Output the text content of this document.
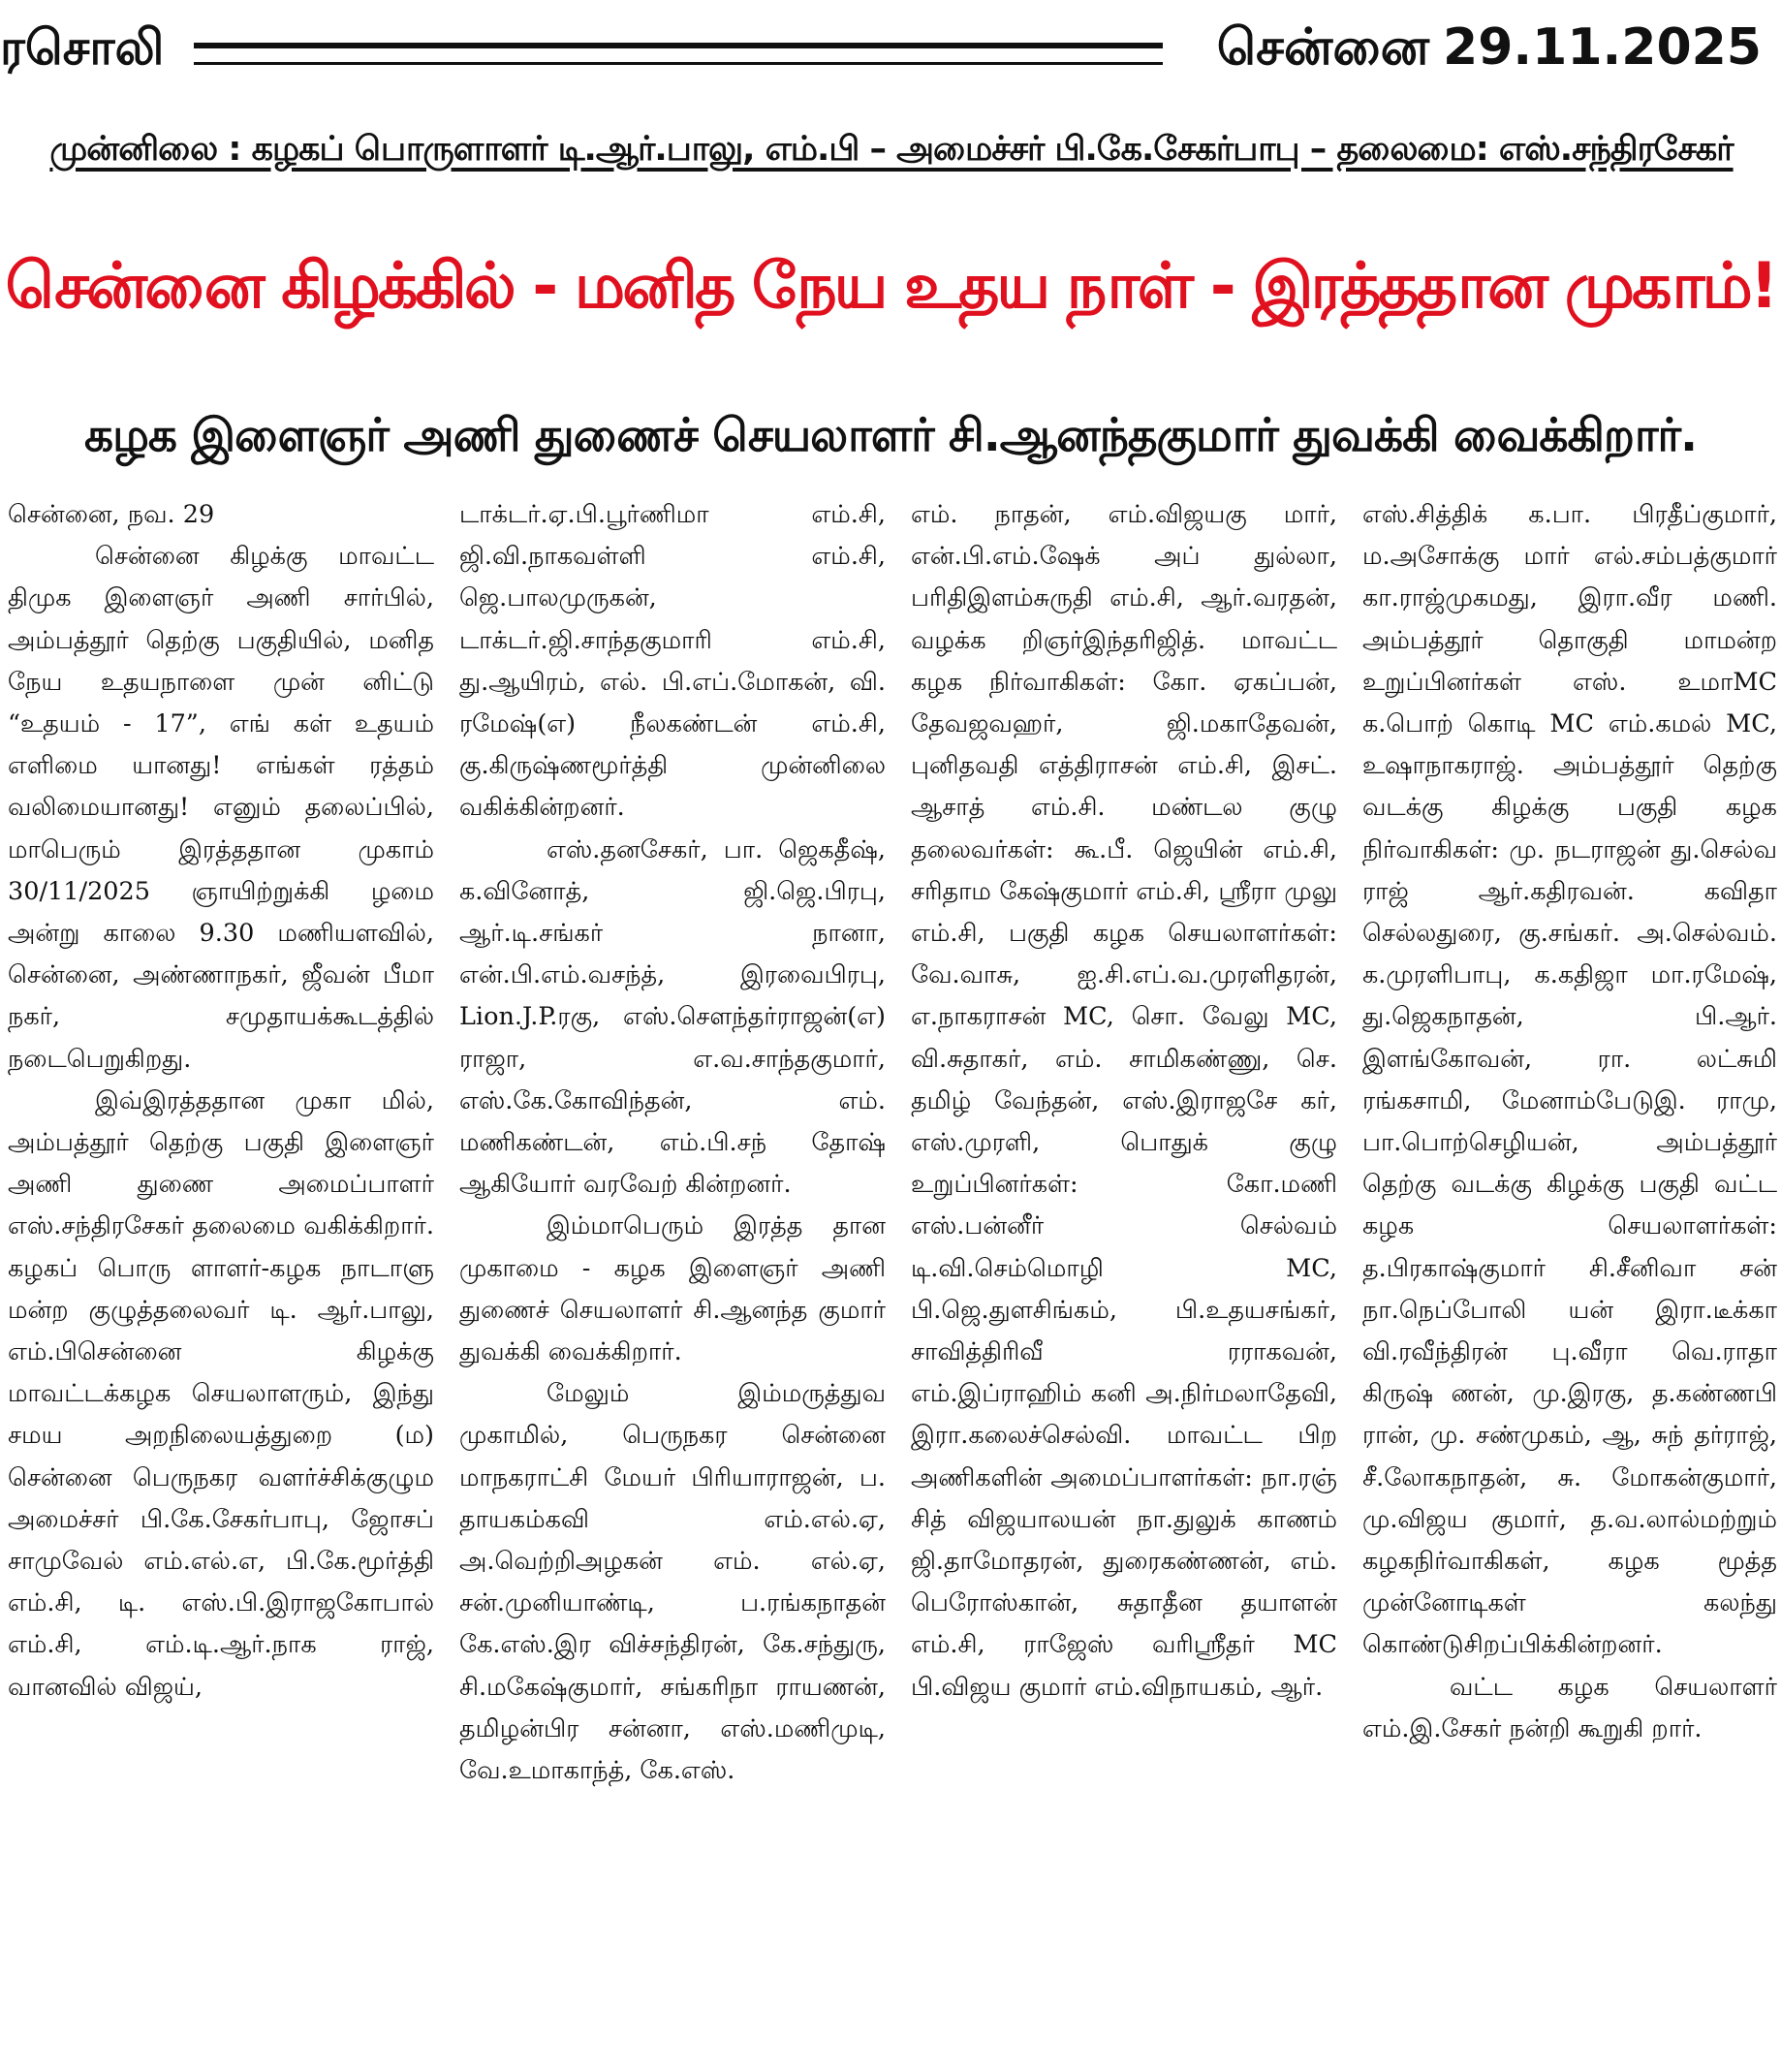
ரசொலி	சென்னை 29.11.2025
முன்னிலை : கழகப் பொருளாளர் டி.ஆர்.பாலு, எம்.பி – அமைச்சர் பி.கே.சேகர்பாபு – தலைமை: எஸ்.சந்திரசேகர்
சென்னை கிழக்கில் - மனித நேய உதய நாள் - இரத்ததான முகாம்!
கழக இளைஞர் அணி துணைச் செயலாளர் சி.ஆனந்தகுமார் துவக்கி வைக்கிறார்.

சென்னை, நவ. 29

சென்னை கிழக்கு மாவட்ட திமுக இளைஞர் அணி சார்பில், அம்பத்தூர் தெற்கு பகுதியில், மனித நேய உதயநாளை முன் னிட்டு “உதயம் - 17”, எங் கள் உதயம் எளிமை யானது! எங்கள் ரத்தம் வலிமையானது! எனும் தலைப்பில், மாபெரும் இரத்ததான முகாம் 30/11/2025 ஞாயிற்றுக்கி ழமை அன்று காலை 9.30 மணியளவில், சென்னை, அண்ணாநகர், ஜீவன் பீமா நகர், சமுதாயக்கூடத்தில் நடைபெறுகிறது.

இவ்இரத்ததான முகா மில், அம்பத்தூர் தெற்கு பகுதி இளைஞர் அணி துணை அமைப்பாளர் எஸ்.சந்திரசேகர் தலைமை வகிக்கிறார். கழகப் பொரு ளாளர்-கழக நாடாளு மன்ற குழுத்தலைவர் டி. ஆர்.பாலு, எம்.பிசென்னை கிழக்கு மாவட்டக்கழக செயலாளரும், இந்து சமய அறநிலையத்துறை (ம) சென்னை பெருநகர வளர்ச்சிக்குழும அமைச்சர் பி.கே.சேகர்பாபு, ஜோசப் சாமுவேல் எம்.எல்.எ, பி.கே.மூர்த்தி எம்.சி, டி. எஸ்.பி.இராஜகோபால் எம்.சி, எம்.டி.ஆர்.நாக ராஜ், வானவில் விஜய்,

டாக்டர்.ஏ.பி.பூர்ணிமா எம்.சி, ஜி.வி.நாகவள்ளி எம்.சி, ஜெ.பாலமுருகன், டாக்டர்.ஜி.சாந்தகுமாரி எம்.சி, து.ஆயிரம், எல். பி.எப்.மோகன், வி. ரமேஷ்(எ) நீலகண்டன் எம்.சி, கு.கிருஷ்ணமூர்த்தி முன்னிலை வகிக்கின்றனர்.

எஸ்.தனசேகர், பா. ஜெகதீஷ், க.வினோத், ஜி.ஜெ.பிரபு, ஆர்.டி.சங்கர் நானா, என்.பி.எம்.வசந்த், இரவைபிரபு, Lion.J.P.ரகு, எஸ்.சௌந்தர்ராஜன்(எ) ராஜா, எ.வ.சாந்தகுமார், எஸ்.கே.கோவிந்தன், எம். மணிகண்டன், எம்.பி.சந் தோஷ் ஆகியோர் வரவேற் கின்றனர்.

இம்மாபெரும் இரத்த தான முகாமை - கழக இளைஞர் அணி துணைச் செயலாளர் சி.ஆனந்த குமார் துவக்கி வைக்கிறார்.

மேலும் இம்மருத்துவ முகாமில், பெருநகர சென்னை மாநகராட்சி மேயர் பிரியாராஜன், ப. தாயகம்கவி எம்.எல்.ஏ, அ.வெற்றிஅழகன் எம். எல்.ஏ, சன்.முனியாண்டி, ப.ரங்கநாதன் கே.எஸ்.இர விச்சந்திரன், கே.சந்துரு, சி.மகேஷ்குமார், சங்கரிநா ராயணன், தமிழன்பிர சன்னா, எஸ்.மணிமுடி, வே.உமாகாந்த், கே.எஸ்.

எம். நாதன், எம்.விஜயகு மார், என்.பி.எம்.ஷேக் அப் துல்லா, பரிதிஇளம்சுருதி எம்.சி, ஆர்.வரதன், வழக்க றிஞர்இந்தரிஜித். மாவட்ட கழக நிர்வாகிகள்: கோ. ஏகப்பன், தேவஜவஹர், ஜி.மகாதேவன், புனிதவதி எத்திராசன் எம்.சி, இசட். ஆசாத் எம்.சி. மண்டல குழு தலைவர்கள்: கூ.பீ. ஜெயின் எம்.சி, சரிதாம கேஷ்குமார் எம்.சி, ஸ்ரீரா முலு எம்.சி, பகுதி கழக செயலாளர்கள்: வே.வாசு, ஐ.சி.எப்.வ.முரளிதரன், எ.நாகராசன் MC, சொ. வேலு MC, வி.சுதாகர், எம். சாமிகண்ணு, செ. தமிழ் வேந்தன், எஸ்.இராஜசே கர், எஸ்.முரளி, பொதுக் குழு உறுப்பினர்கள்: கோ.மணி எஸ்.பன்னீர் செல்வம் டி.வி.செம்மொழி MC, பி.ஜெ.துளசிங்கம், பி.உதயசங்கர், சாவித்திரிவீ ரராகவன், எம்.இப்ராஹிம் கனி அ.நிர்மலாதேவி, இரா.கலைச்செல்வி. மாவட்ட பிற அணிகளின் அமைப்பாளர்கள்: நா.ரஞ் சித் விஜயாலயன் நா.துலுக் காணம் ஜி.தாமோதரன், துரைகண்ணன், எம். பெரோஸ்கான், சுதாதீன தயாளன் எம்.சி, ராஜேஸ் வரிஸ்ரீதர் MC பி.விஜய குமார் எம்.விநாயகம், ஆர்.

எஸ்.சித்திக் க.பா. பிரதீப்குமார், ம.அசோக்கு மார் எல்.சம்பத்குமார் கா.ராஜ்முகமது, இரா.வீர மணி. அம்பத்தூர் தொகுதி மாமன்ற உறுப்பினர்கள் எஸ். உமாMC க.பொற் கொடி MC எம்.கமல் MC, உஷாநாகராஜ். அம்பத்தூர் தெற்கு வடக்கு கிழக்கு பகுதி கழக நிர்வாகிகள்: மு. நடராஜன் து.செல்வ ராஜ் ஆர்.கதிரவன். கவிதா செல்லதுரை, கு.சங்கர். அ.செல்வம். க.முரளிபாபு, க.கதிஜா மா.ரமேஷ், து.ஜெகநாதன், பி.ஆர். இளங்கோவன், ரா. லட்சுமி ரங்கசாமி, மேனாம்பேடுஇ. ராமு, பா.பொற்செழியன், அம்பத்தூர் தெற்கு வடக்கு கிழக்கு பகுதி வட்ட கழக செயலாளர்கள்: த.பிரகாஷ்குமார் சி.சீனிவா சன் நா.நெப்போலி யன் இரா.டீக்கா வி.ரவீந்திரன் பு.வீரா வெ.ராதா கிருஷ் ணன், மு.இரகு, த.கண்ணபி ரான், மு. சண்முகம், ஆ, சுந் தர்ராஜ், சீ.லோகநாதன், சு. மோகன்குமார், மு.விஜய குமார், த.வ.லால்மற்றும் கழகநிர்வாகிகள், கழக மூத்த முன்னோடிகள் கலந்து கொண்டுசிறப்பிக்கின்றனர்.

வட்ட கழக செயலாளர் எம்.இ.சேகர் நன்றி கூறுகி றார்.
